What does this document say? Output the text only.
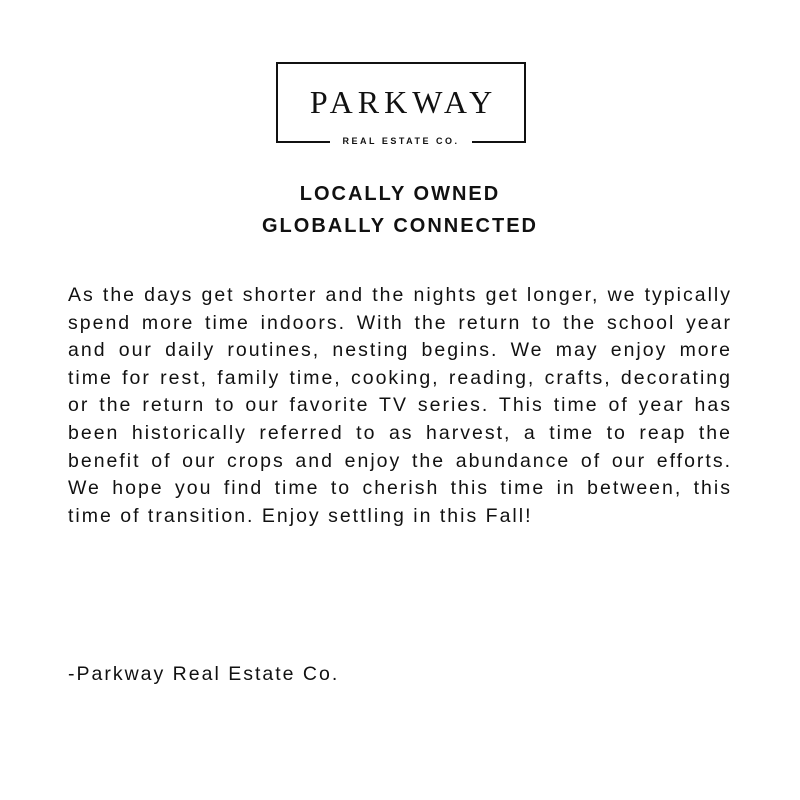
PARKWAY
REAL ESTATE CO.
LOCALLY OWNED
GLOBALLY CONNECTED
As the days get shorter and the nights get longer, we typically spend more time indoors. With the return to the school year and our daily routines, nesting begins. We may enjoy more time for rest, family time, cooking, reading, crafts, decorating or the return to our favorite TV series. This time of year has been historically referred to as harvest, a time to reap the benefit of our crops and enjoy the abundance of our efforts. We hope you find time to cherish this time in between, this time of transition. Enjoy settling in this Fall!
-Parkway Real Estate Co.
